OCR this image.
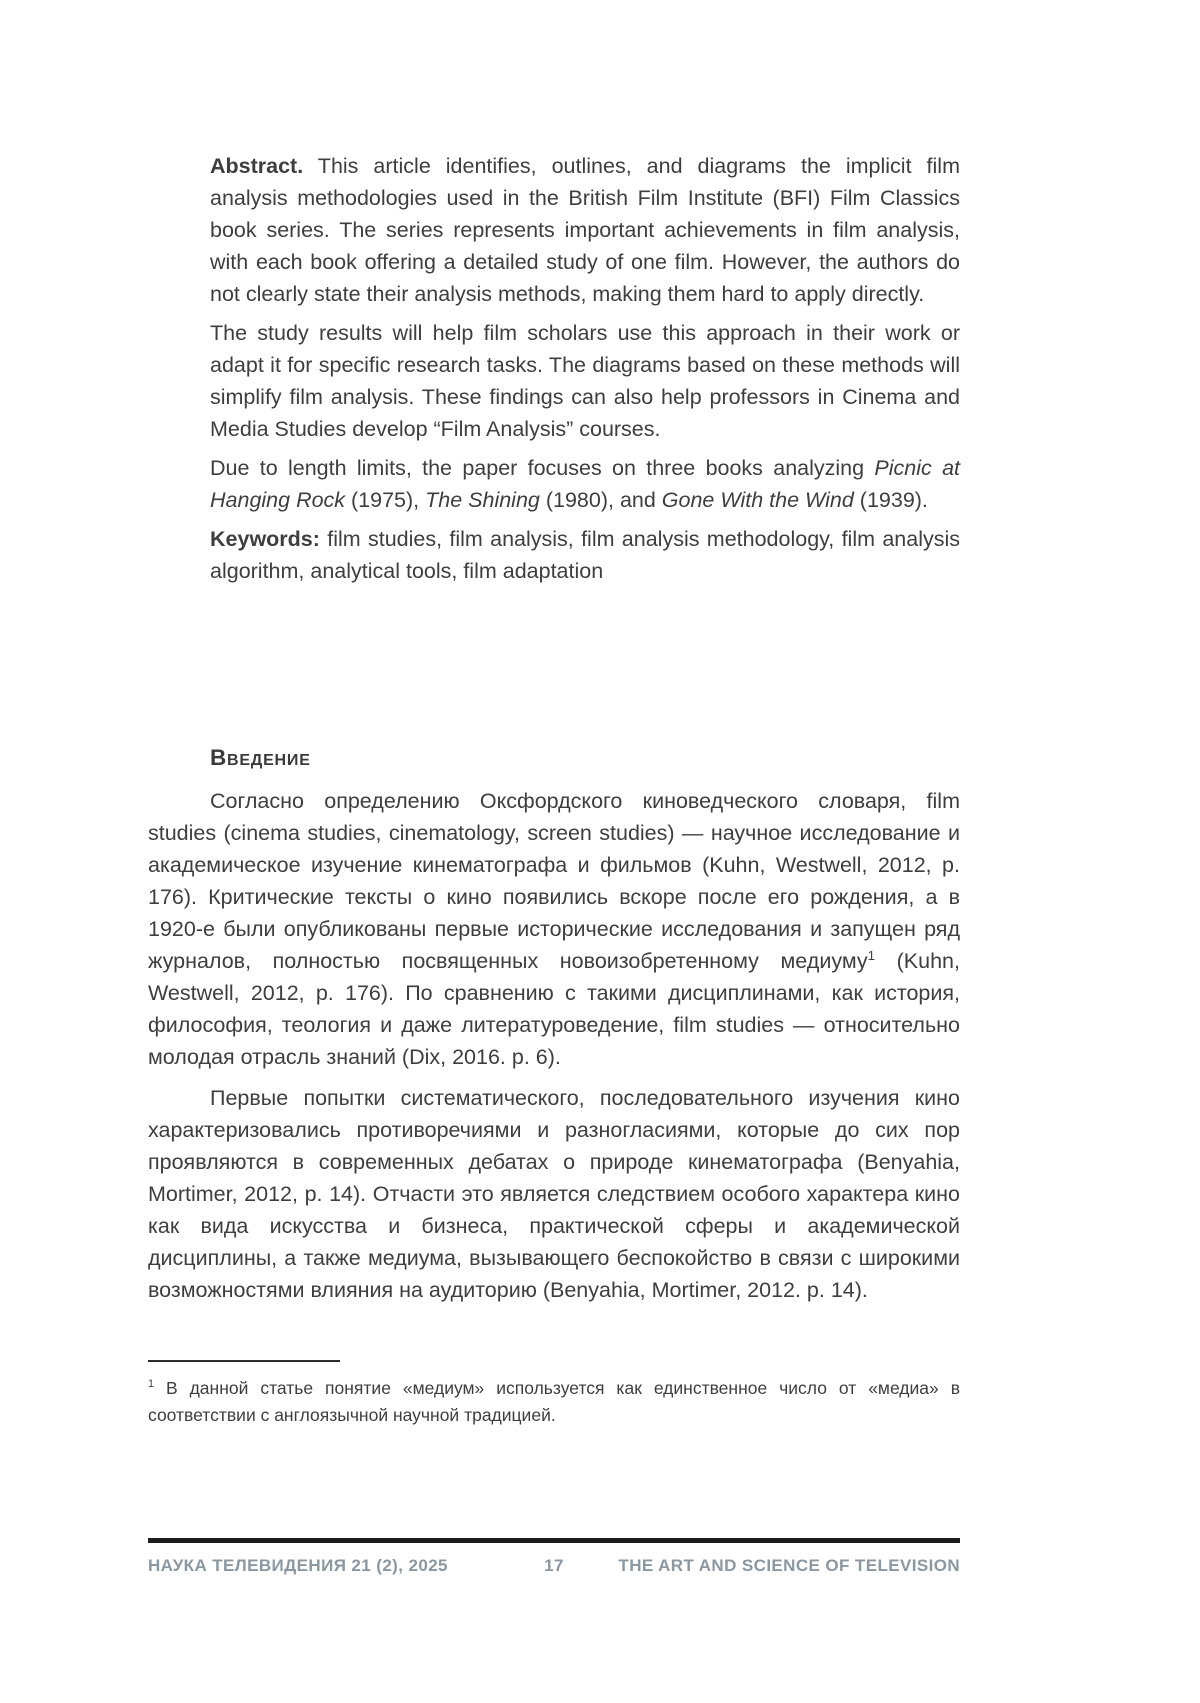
Abstract. This article identifies, outlines, and diagrams the implicit film analysis methodologies used in the British Film Institute (BFI) Film Classics book series. The series represents important achievements in film analysis, with each book offering a detailed study of one film. However, the authors do not clearly state their analysis methods, making them hard to apply directly.

The study results will help film scholars use this approach in their work or adapt it for specific research tasks. The diagrams based on these methods will simplify film analysis. These findings can also help professors in Cinema and Media Studies develop “Film Analysis” courses.

Due to length limits, the paper focuses on three books analyzing Picnic at Hanging Rock (1975), The Shining (1980), and Gone With the Wind (1939).

Keywords: film studies, film analysis, film analysis methodology, film analysis algorithm, analytical tools, film adaptation

Введение

Согласно определению Оксфордского киноведческого словаря, film studies (cinema studies, cinematology, screen studies) — научное исследование и академическое изучение кинематографа и фильмов (Kuhn, Westwell, 2012, p. 176). Критические тексты о кино появились вскоре после его рождения, а в 1920-е были опубликованы первые исторические исследования и запущен ряд журналов, полностью посвященных новоизобретенному медиуму$^1$ (Kuhn, Westwell, 2012, p. 176). По сравнению с такими дисциплинами, как история, философия, теология и даже литературоведение, film studies — относительно молодая отрасль знаний (Dix, 2016. p. 6).

Первые попытки систематического, последовательного изучения кино характеризовались противоречиями и разногласиями, которые до сих пор проявляются в современных дебатах о природе кинематографа (Benyahia, Mortimer, 2012, p. 14). Отчасти это является следствием особого характера кино как вида искусства и бизнеса, практической сферы и академической дисциплины, а также медиума, вызывающего беспокойство в связи с широкими возможностями влияния на аудиторию (Benyahia, Mortimer, 2012. p. 14).

$^1$ В данной статье понятие «медиум» используется как единственное число от «медиа» в соответствии с англоязычной научной традицией.

НАУКА ТЕЛЕВИДЕНИЯ 21 (2), 2025	17	THE ART AND SCIENCE OF TELEVISION
